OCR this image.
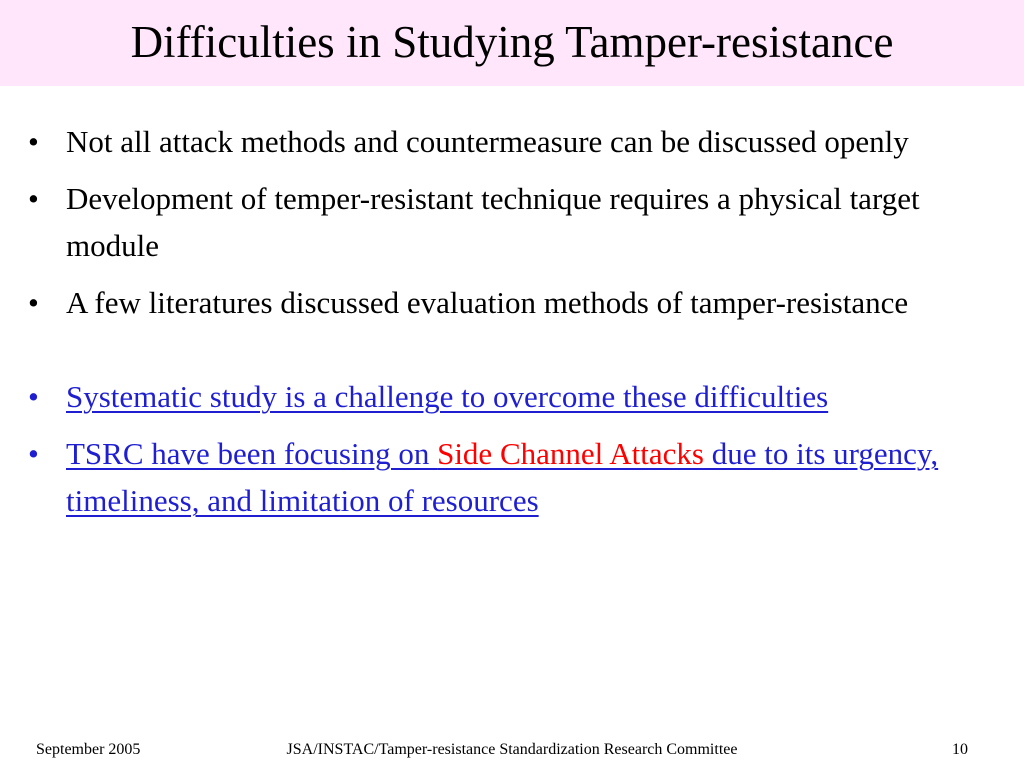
Difficulties in Studying Tamper-resistance
• Not all attack methods and countermeasure can be discussed openly
• Development of temper-resistant technique requires a physical target module
• A few literatures discussed evaluation methods of tamper-resistance
• Systematic study is a challenge to overcome these difficulties
• TSRC have been focusing on Side Channel Attacks due to its urgency, timeliness, and limitation of resources
September 2005	JSA/INSTAC/Tamper-resistance Standardization Research Committee	10
